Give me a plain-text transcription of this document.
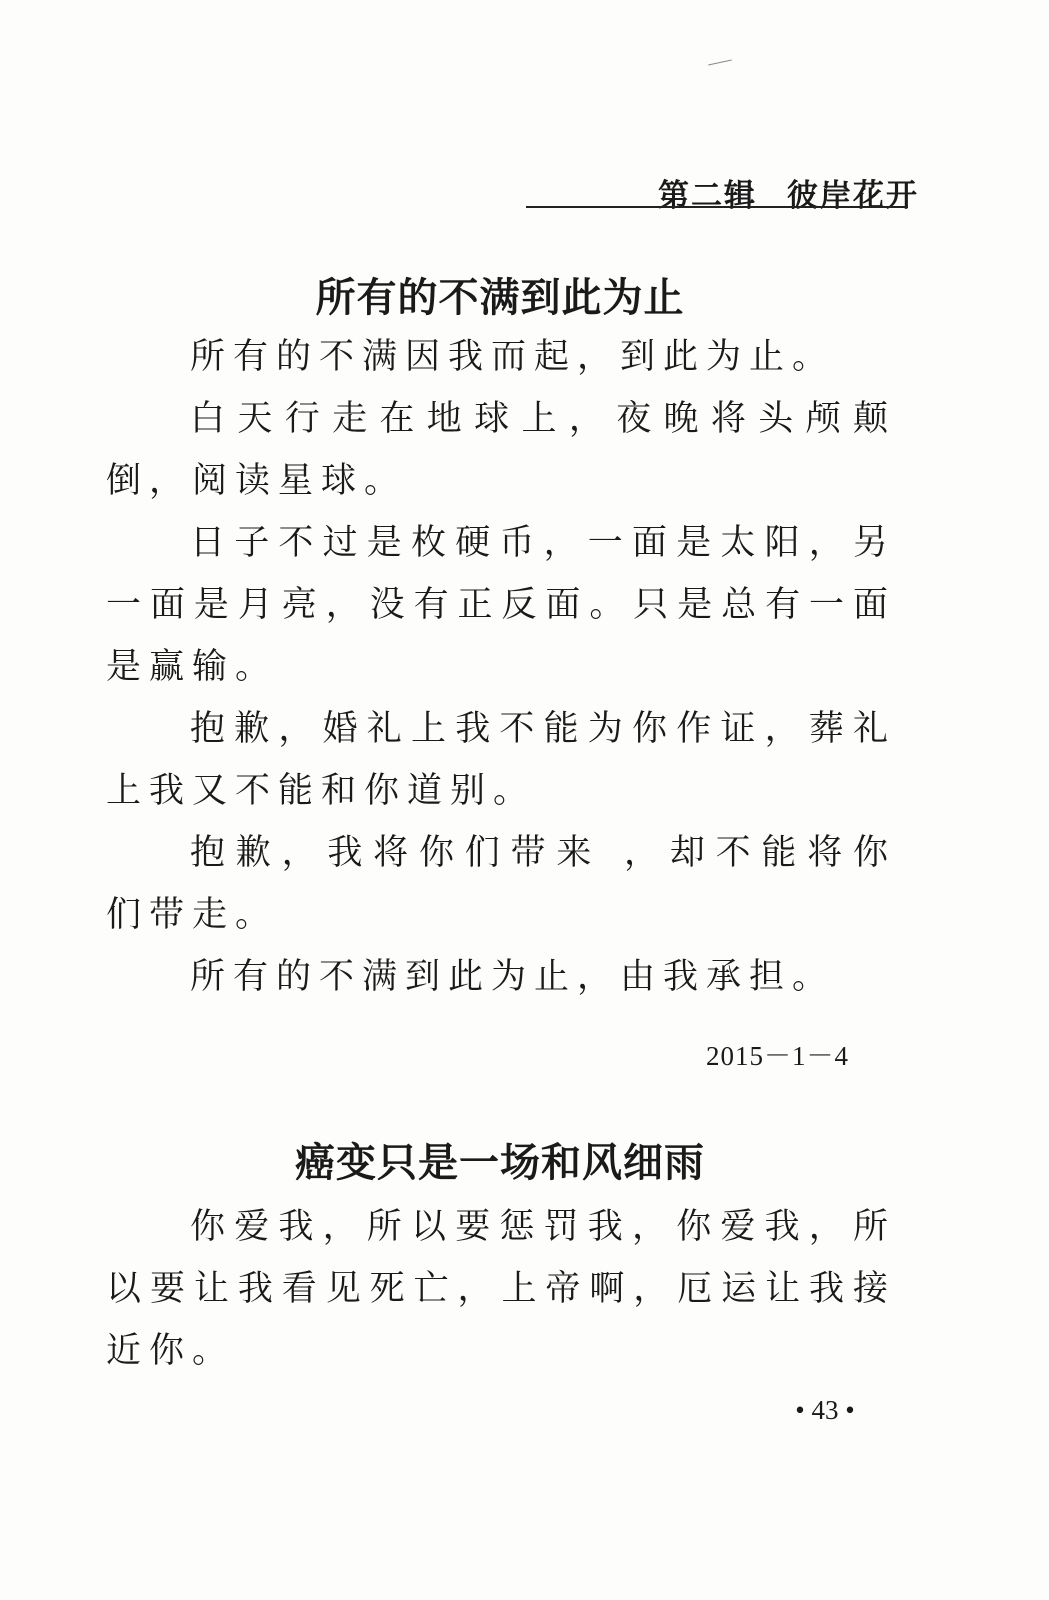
第二辑 彼岸花开
所有的不满到此为止

所有的不满因我而起，到此为止。

白天行走在地球上，夜晚将头颅颠倒，阅读星球。

日子不过是枚硬币，一面是太阳，另一面是月亮，没有正反面。只是总有一面是赢输。

抱歉，婚礼上我不能为你作证，葬礼上我又不能和你道别。

抱歉，我将你们带来 ，却不能将你们带走。

所有的不满到此为止，由我承担。

2015－1－4
癌变只是一场和风细雨

你爱我，所以要惩罚我，你爱我，所以要让我看见死亡，上帝啊，厄运让我接近你。

• 43 •
